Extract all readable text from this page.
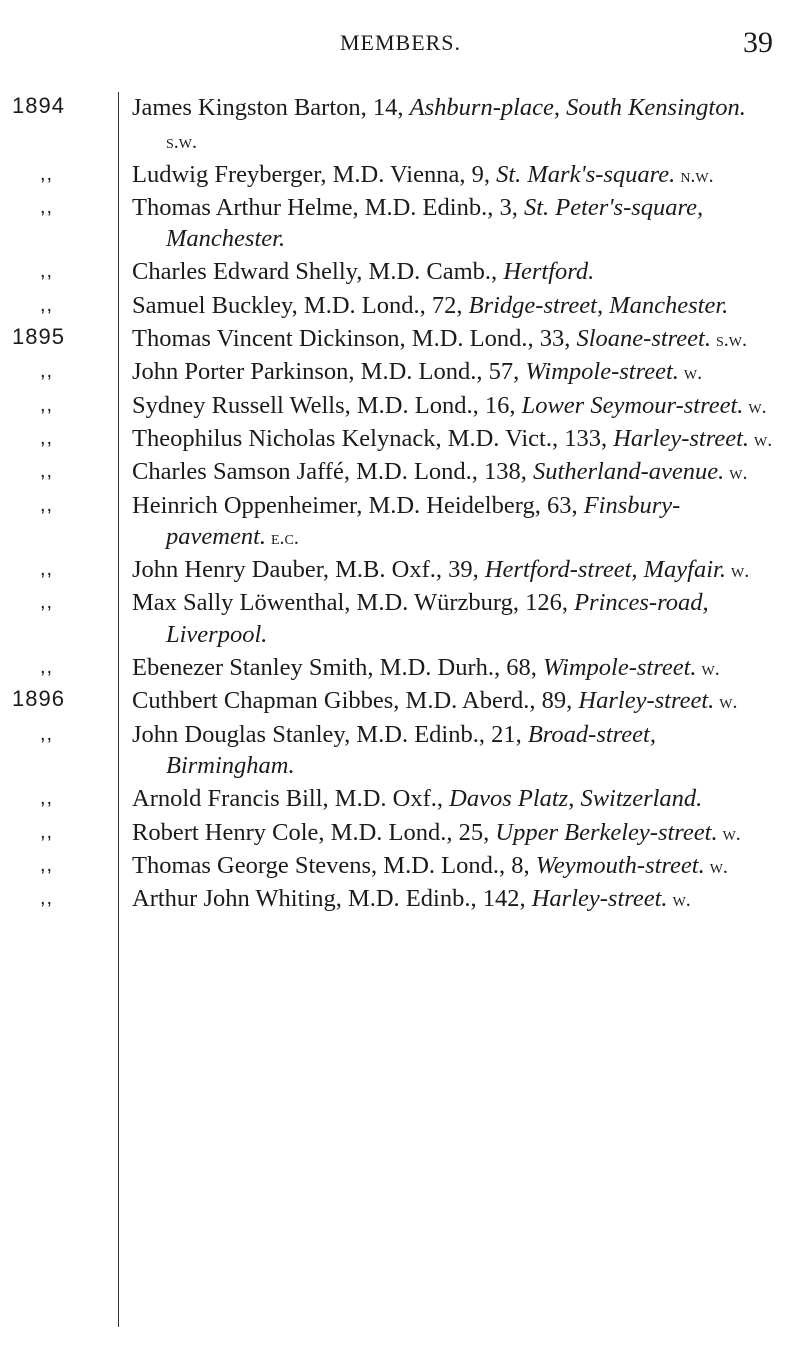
MEMBERS.	39
1894	James Kingston Barton, 14, Ashburn-place, South Kensington. s.w.
,,	Ludwig Freyberger, M.D. Vienna, 9, St. Mark's-square. n.w.
,,	Thomas Arthur Helme, M.D. Edinb., 3, St. Peter's-square, Manchester.
,,	Charles Edward Shelly, M.D. Camb., Hertford.
,,	Samuel Buckley, M.D. Lond., 72, Bridge-street, Manchester.
1895	Thomas Vincent Dickinson, M.D. Lond., 33, Sloane-street. s.w.
,,	John Porter Parkinson, M.D. Lond., 57, Wimpole-street. w.
,,	Sydney Russell Wells, M.D. Lond., 16, Lower Seymour-street. w.
,,	Theophilus Nicholas Kelynack, M.D. Vict., 133, Harley-street. w.
,,	Charles Samson Jaffé, M.D. Lond., 138, Sutherland-avenue. w.
,,	Heinrich Oppenheimer, M.D. Heidelberg, 63, Finsbury-pavement. e.c.
,,	John Henry Dauber, M.B. Oxf., 39, Hertford-street, Mayfair. w.
,,	Max Sally Löwenthal, M.D. Würzburg, 126, Princes-road, Liverpool.
,,	Ebenezer Stanley Smith, M.D. Durh., 68, Wimpole-street. w.
1896	Cuthbert Chapman Gibbes, M.D. Aberd., 89, Harley-street. w.
,,	John Douglas Stanley, M.D. Edinb., 21, Broad-street, Birmingham.
,,	Arnold Francis Bill, M.D. Oxf., Davos Platz, Switzerland.
,,	Robert Henry Cole, M.D. Lond., 25, Upper Berkeley-street. w.
,,	Thomas George Stevens, M.D. Lond., 8, Weymouth-street. w.
,,	Arthur John Whiting, M.D. Edinb., 142, Harley-street. w.
